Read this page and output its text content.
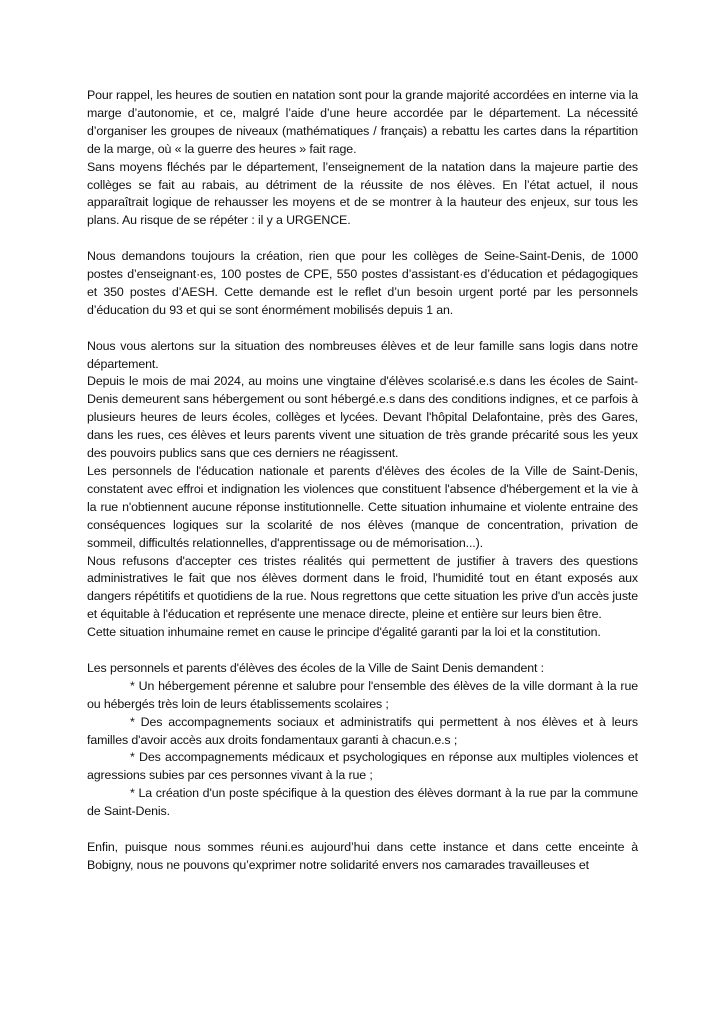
Pour rappel, les heures de soutien en natation sont pour la grande majorité accordées en interne via la marge d’autonomie, et ce, malgré l’aide d’une heure accordée par le département. La nécessité d’organiser les groupes de niveaux (mathématiques / français) a rebattu les cartes dans la répartition de la marge, où « la guerre des heures » fait rage.

Sans moyens fléchés par le département, l’enseignement de la natation dans la majeure partie des collèges se fait au rabais, au détriment de la réussite de nos élèves. En l’état actuel, il nous apparaîtrait logique de rehausser les moyens et de se montrer à la hauteur des enjeux, sur tous les plans. Au risque de se répéter : il y a URGENCE.

Nous demandons toujours la création, rien que pour les collèges de Seine-Saint-Denis, de 1000 postes d’enseignant·es, 100 postes de CPE, 550 postes d’assistant·es d’éducation et pédagogiques et 350 postes d’AESH. Cette demande est le reflet d’un besoin urgent porté par les personnels d’éducation du 93 et qui se sont énormément mobilisés depuis 1 an.

Nous vous alertons sur la situation des nombreuses élèves et de leur famille sans logis dans notre département.

Depuis le mois de mai 2024, au moins une vingtaine d'élèves scolarisé.e.s dans les écoles de Saint-Denis demeurent sans hébergement ou sont hébergé.e.s dans des conditions indignes, et ce parfois à plusieurs heures de leurs écoles, collèges et lycées. Devant l'hôpital Delafontaine, près des Gares, dans les rues, ces élèves et leurs parents vivent une situation de très grande précarité sous les yeux des pouvoirs publics sans que ces derniers ne réagissent.

Les personnels de l'éducation nationale et parents d'élèves des écoles de la Ville de Saint-Denis, constatent avec effroi et indignation les violences que constituent l'absence d'hébergement et la vie à la rue n'obtiennent aucune réponse institutionnelle. Cette situation inhumaine et violente entraine des conséquences logiques sur la scolarité de nos élèves (manque de concentration, privation de sommeil, difficultés relationnelles, d'apprentissage ou de mémorisation...).

Nous refusons d'accepter ces tristes réalités qui permettent de justifier à travers des questions administratives le fait que nos élèves dorment dans le froid, l'humidité tout en étant exposés aux dangers répétitifs et quotidiens de la rue. Nous regrettons que cette situation les prive d'un accès juste et équitable à l'éducation et représente une menace directe, pleine et entière sur leurs bien être.

Cette situation inhumaine remet en cause le principe d'égalité garanti par la loi et la constitution.

Les personnels et parents d'élèves des écoles de la Ville de Saint Denis demandent :

* Un hébergement pérenne et salubre pour l'ensemble des élèves de la ville dormant à la rue ou hébergés très loin de leurs établissements scolaires ;

* Des accompagnements sociaux et administratifs qui permettent à nos élèves et à leurs familles d'avoir accès aux droits fondamentaux garanti à chacun.e.s ;

* Des accompagnements médicaux et psychologiques en réponse aux multiples violences et agressions subies par ces personnes vivant à la rue ;

* La création d'un poste spécifique à la question des élèves dormant à la rue par la commune de Saint-Denis.

Enfin, puisque nous sommes réuni.es aujourd’hui dans cette instance et dans cette enceinte à Bobigny, nous ne pouvons qu’exprimer notre solidarité envers nos camarades travailleuses et
